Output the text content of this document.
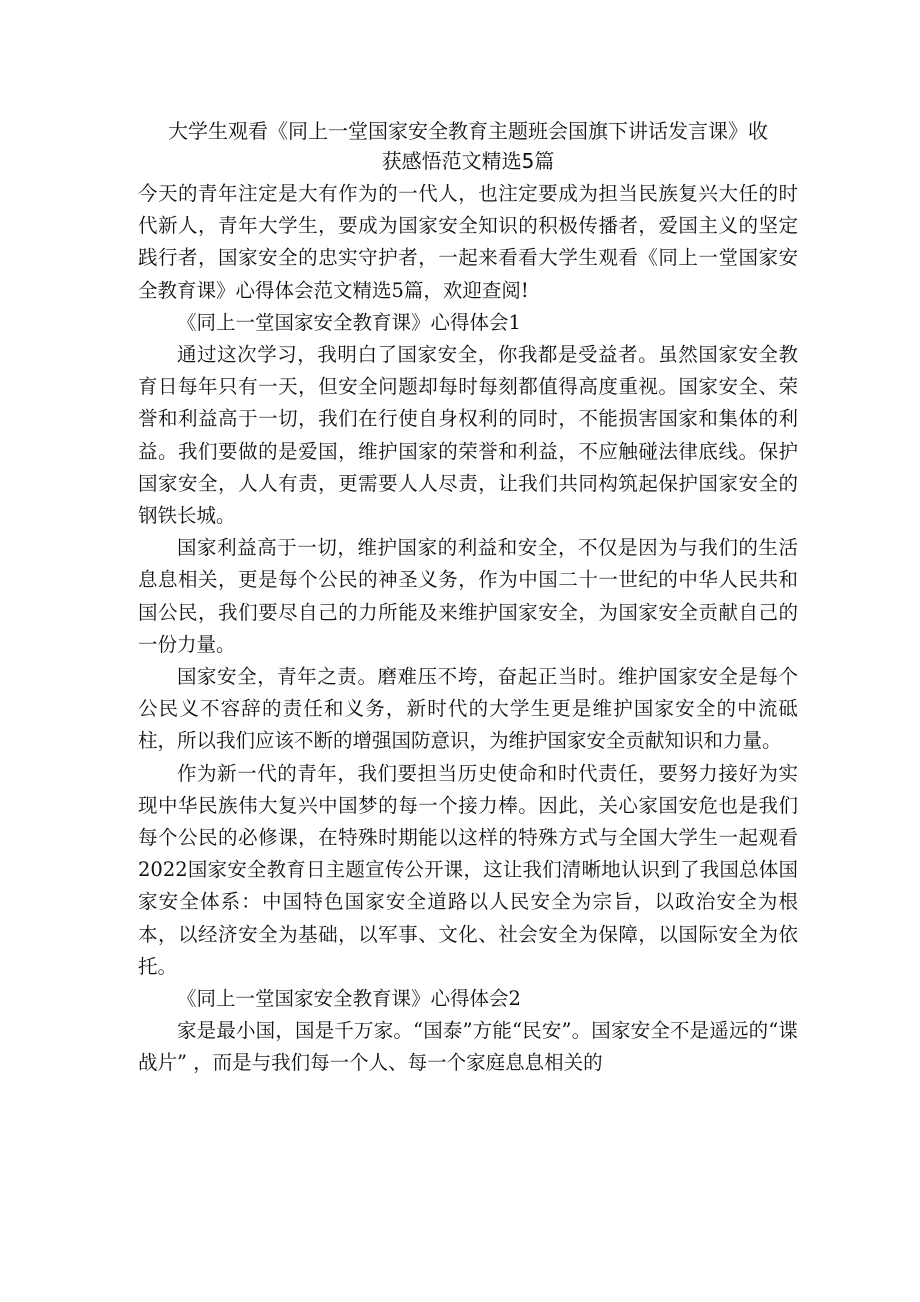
大学生观看《同上一堂国家安全教育主题班会国旗下讲话发言课》收
获感悟范文精选5篇

今天的青年注定是大有作为的一代人，也注定要成为担当民族复兴大任的时代新人，青年大学生，要成为国家安全知识的积极传播者，爱国主义的坚定践行者，国家安全的忠实守护者，一起来看看大学生观看《同上一堂国家安全教育课》心得体会范文精选5篇，欢迎查阅!

《同上一堂国家安全教育课》心得体会1

通过这次学习，我明白了国家安全，你我都是受益者。虽然国家安全教育日每年只有一天，但安全问题却每时每刻都值得高度重视。国家安全、荣誉和利益高于一切，我们在行使自身权利的同时，不能损害国家和集体的利益。我们要做的是爱国，维护国家的荣誉和利益，不应触碰法律底线。保护国家安全，人人有责，更需要人人尽责，让我们共同构筑起保护国家安全的钢铁长城。

国家利益高于一切，维护国家的利益和安全，不仅是因为与我们的生活息息相关，更是每个公民的神圣义务，作为中国二十一世纪的中华人民共和国公民，我们要尽自己的力所能及来维护国家安全，为国家安全贡献自己的一份力量。

国家安全，青年之责。磨难压不垮，奋起正当时。维护国家安全是每个公民义不容辞的责任和义务，新时代的大学生更是维护国家安全的中流砥柱，所以我们应该不断的增强国防意识，为维护国家安全贡献知识和力量。

作为新一代的青年，我们要担当历史使命和时代责任，要努力接好为实现中华民族伟大复兴中国梦的每一个接力棒。因此，关心家国安危也是我们每个公民的必修课，在特殊时期能以这样的特殊方式与全国大学生一起观看2022国家安全教育日主题宣传公开课，这让我们清晰地认识到了我国总体国家安全体系：中国特色国家安全道路以人民安全为宗旨，以政治安全为根本，以经济安全为基础，以军事、文化、社会安全为保障，以国际安全为依托。

《同上一堂国家安全教育课》心得体会2

家是最小国，国是千万家。“国泰”方能“民安”。国家安全不是遥远的“谍战片” ，而是与我们每一个人、每一个家庭息息相关的
